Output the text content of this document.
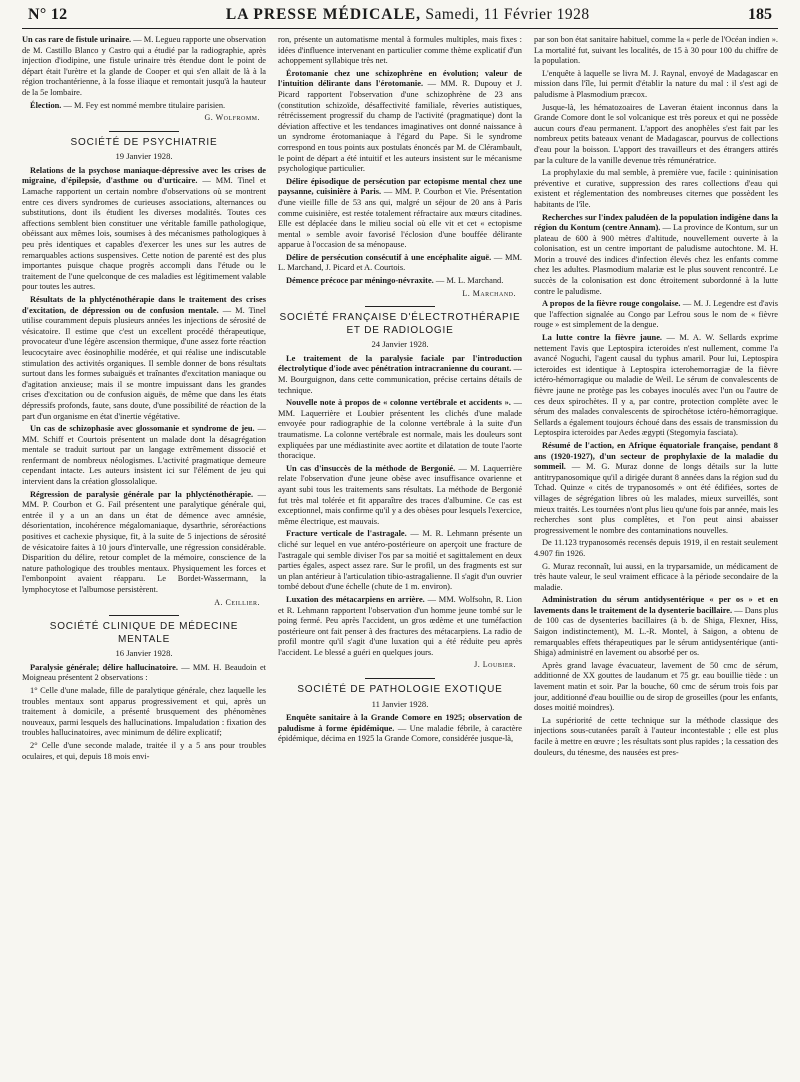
N° 12	LA PRESSE MÉDICALE, Samedi, 11 Février 1928	185

Un cas rare de fistule urinaire. — M. Legueu rapporte une observation de M. Castillo Blanco y Castro qui a étudié par la radiographie, après injection d'iodipine, une fistule urinaire très étendue dont le point de départ était l'urètre et la glande de Cooper et qui s'en allait de là à la région trochantérienne, à la fosse iliaque et remontait jusqu'à la hauteur de la 5e lombaire.

Élection. — M. Fey est nommé membre titulaire parisien.

G. Wolfromm.
SOCIÉTÉ DE PSYCHIATRIE
19 Janvier 1928.

Relations de la psychose maniaque-dépressive avec les crises de migraine, d'épilepsie, d'asthme ou d'urticaire. — MM. Tinel et Lamache rapportent un certain nombre d'observations où se montrent entre ces divers syndromes de curieuses associations, alternances ou substitutions, dont ils étudient les diverses modalités. Toutes ces affections semblent bien constituer une véritable famille pathologique, obéissant aux mêmes lois, soumises à des mécanismes pathologiques à peu près identiques et capables d'exercer les unes sur les autres de remarquables actions suspensives. Cette notion de parenté est des plus importantes puisque chaque progrès accompli dans l'étude ou le traitement de l'une quelconque de ces maladies est légitimement valable pour toutes les autres.

Résultats de la phlycténothérapie dans le traitement des crises d'excitation, de dépression ou de confusion mentale. — M. Tinel utilise couramment depuis plusieurs années les injections de sérosité de vésicatoire. Il estime que c'est un excellent procédé thérapeutique, provocateur d'une légère ascension thermique, d'une assez forte réaction leucocytaire avec éosinophilie modérée, et qui réalise une indiscutable stimulation des activités organiques. Il semble donner de bons résultats surtout dans les formes subaiguës et traînantes d'excitation maniaque ou d'agitation anxieuse; mais il se montre impuissant dans les grandes crises d'excitation ou de confusion aiguës, de même que dans les états dépressifs profonds, faute, sans doute, d'une possibilité de réaction de la part d'un organisme en état d'inertie végétative.

Un cas de schizophasie avec glossomanie et syndrome de jeu. — MM. Schiff et Courtois présentent un malade dont la désagrégation mentale se traduit surtout par un langage extrêmement dissocié et renfermant de nombreux néologismes. L'activité pragmatique demeure cependant intacte. Les auteurs insistent ici sur l'élément de jeu qui intervient dans la création glossolalique.

Régression de paralysie générale par la phlycténothérapie. — MM. P. Courbon et G. Fail présentent une paralytique générale qui, entrée il y a un an dans un état de démence avec amnésie, désorientation, incohérence mégalomaniaque, dysarthrie, séroréactions positives et cachexie physique, fit, à la suite de 5 injections de sérosité de vésicatoire faites à 10 jours d'intervalle, une régression considérable. Disparition du délire, retour complet de la mémoire, conscience de la nature pathologique des troubles mentaux. Physiquement les forces et l'embonpoint avaient réapparu. Le Bordet-Wassermann, la lymphocytose et l'albumose persistèrent.

A. Ceillier.
SOCIÉTÉ CLINIQUE DE MÉDECINE MENTALE
16 Janvier 1928.

Paralysie générale; délire hallucinatoire. — MM. H. Beaudoin et Moigneau présentent 2 observations :

1° Celle d'une malade, fille de paralytique générale, chez laquelle les troubles mentaux sont apparus progressivement et qui, après un traitement à domicile, a présenté brusquement des phénomènes nouveaux, parmi lesquels des hallucinations. Impaludation : fixation des troubles hallucinatoires, avec minimum de délire explicatif;

2° Celle d'une seconde malade, traitée il y a 5 ans pour troubles oculaires, et qui, depuis 18 mois envi-

ron, présente un automatisme mental à formules multiples, mais fixes : idées d'influence intervenant en particulier comme thème explicatif d'un achoppement syllabique très net.

Érotomanie chez une schizophrène en évolution; valeur de l'intuition délirante dans l'érotomanie. — MM. R. Dupouy et J. Picard rapportent l'observation d'une schizophrène de 23 ans (constitution schizoïde, désaffectivité familiale, rêveries autistiques, rétrécissement progressif du champ de l'activité (pragmatique) dont la déviation affective et les tendances imaginatives ont donné naissance à un syndrome érotomaniaque à l'égard du Pape. Si le syndrome correspond en tous points aux postulats énoncés par M. de Clérambault, le point de départ a été intuitif et les auteurs insistent sur le mécanisme psychologique particulier.

Délire épisodique de persécution par ectopisme mental chez une paysanne, cuisinière à Paris. — MM. P. Courbon et Vie. Présentation d'une vieille fille de 53 ans qui, malgré un séjour de 20 ans à Paris comme cuisinière, est restée totalement réfractaire aux mœurs citadines. Elle est déplacée dans le milieu social où elle vit et cet « ectopisme mental » semble avoir favorisé l'éclosion d'une bouffée délirante apparue à l'occasion de sa ménopause.

Délire de persécution consécutif à une encéphalite aiguë. — MM. L. Marchand, J. Picard et A. Courtois.

Démence précoce par méningo-névraxite. — M. L. Marchand.

L. Marchand.
SOCIÉTÉ FRANÇAISE D'ÉLECTROTHÉRAPIE ET DE RADIOLOGIE
24 Janvier 1928.

Le traitement de la paralysie faciale par l'introduction électrolytique d'iode avec pénétration intracranienne du courant. — M. Bourguignon, dans cette communication, précise certains détails de technique.

Nouvelle note à propos de « colonne vertébrale et accidents ». — MM. Laquerrière et Loubier présentent les clichés d'une malade envoyée pour radiographie de la colonne vertébrale à la suite d'un traumatisme. La colonne vertébrale est normale, mais les douleurs sont expliquées par une médiastinite avec aortite et dilatation de toute l'aorte thoracique.

Un cas d'insuccès de la méthode de Bergonié. — M. Laquerrière relate l'observation d'une jeune obèse avec insuffisance ovarienne et ayant subi tous les traitements sans résultats. La méthode de Bergonié fut très mal tolérée et fit apparaître des traces d'albumine. Ce cas est exceptionnel, mais confirme qu'il y a des obèses pour lesquels l'exercice, même électrique, est mauvais.

Fracture verticale de l'astragale. — M. R. Lehmann présente un cliché sur lequel en vue antéro-postérieure on aperçoit une fracture de l'astragale qui semble diviser l'os par sa moitié et sagittalement en deux parties égales, aspect assez rare. Sur le profil, un des fragments est sur un plan antérieur à l'articulation tibio-astragalienne. Il s'agit d'un ouvrier tombé debout d'une échelle (chute de 1 m. environ).

Luxation des métacarpiens en arrière. — MM. Wolfsohn, R. Lion et R. Lehmann rapportent l'observation d'un homme jeune tombé sur le poing fermé. Peu après l'accident, un gros œdème et une tuméfaction postérieure ont fait penser à des fractures des métacarpiens. La radio de profil montre qu'il s'agit d'une luxation qui a été réduite peu après l'accident. Le blessé a guéri en quelques jours.

J. Loubier.
SOCIÉTÉ DE PATHOLOGIE EXOTIQUE
11 Janvier 1928.

Enquête sanitaire à la Grande Comore en 1925; observation de paludisme à forme épidémique. — Une maladie fébrile, à caractère épidémique, décima en 1925 la Grande Comore, considérée jusque-là,

par son bon état sanitaire habituel, comme la « perle de l'Océan indien ». La mortalité fut, suivant les localités, de 15 à 30 pour 100 du chiffre de la population.

L'enquête à laquelle se livra M. J. Raynal, envoyé de Madagascar en mission dans l'île, lui permit d'établir la nature du mal : il s'est agi de paludisme à Plasmodium præcox.

Jusque-là, les hématozoaires de Laveran étaient inconnus dans la Grande Comore dont le sol volcanique est très poreux et qui ne possède aucun cours d'eau permanent. L'apport des anophèles s'est fait par les nombreux petits bateaux venant de Madagascar, pourvus de collections d'eau pour la boisson. L'apport des travailleurs et des étrangers attirés par la culture de la vanille devenue très rémunératrice.

La prophylaxie du mal semble, à première vue, facile : quininisation préventive et curative, suppression des rares collections d'eau qui existent et réglementation des nombreuses citernes que possèdent les habitants de l'île.

Recherches sur l'index paludéen de la population indigène dans la région du Kontum (centre Annam). — La province de Kontum, sur un plateau de 600 à 900 mètres d'altitude, nouvellement ouverte à la colonisation, est un centre important de paludisme autochtone. M. H. Morin a trouvé des indices d'infection élevés chez les enfants comme chez les adultes. Plasmodium malariæ est le plus souvent rencontré. Le succès de la colonisation est donc étroitement subordonné à la lutte contre le paludisme.

A propos de la fièvre rouge congolaise. — M. J. Legendre est d'avis que l'affection signalée au Congo par Lefrou sous le nom de « fièvre rouge » est simplement de la dengue.

La lutte contre la fièvre jaune. — M. A. W. Sellards exprime nettement l'avis que Leptospira icteroides n'est nullement, comme l'a avancé Noguchi, l'agent causal du typhus amaril. Pour lui, Leptospira icteroides est identique à Leptospira icterohemorragiæ de la fièvre ictéro-hémorragique ou maladie de Weil. Le sérum de convalescents de fièvre jaune ne protège pas les cobayes inoculés avec l'un ou l'autre de ces deux spirochètes. Il y a, par contre, protection complète avec le sérum des malades convalescents de spirochétose ictéro-hémorragique. Sellards a également toujours échoué dans des essais de transmission du Leptospira icteroides par Aedes ægypti (Stegomyia fasciata).

Résumé de l'action, en Afrique équatoriale française, pendant 8 ans (1920-1927), d'un secteur de prophylaxie de la maladie du sommeil. — M. G. Muraz donne de longs détails sur la lutte antitrypanosomique qu'il a dirigée durant 8 années dans la région sud du Tchad. Quinze « cités de trypanosomés » ont été édifiées, sortes de villages de ségrégation libres où les malades, mieux surveillés, sont mieux traités. Les tournées n'ont plus lieu qu'une fois par année, mais les recherches sont plus complètes, et l'on peut ainsi abaisser progressivement le nombre des contaminations nouvelles.

De 11.123 trypanosomés recensés depuis 1919, il en restait seulement 4.907 fin 1926.

G. Muraz reconnaît, lui aussi, en la tryparsamide, un médicament de très haute valeur, le seul vraiment efficace à la période secondaire de la maladie.

Administration du sérum antidysentérique « per os » et en lavements dans le traitement de la dysenterie bacillaire. — Dans plus de 100 cas de dysenteries bacillaires (à b. de Shiga, Flexner, Hiss, Saigon indistinctement), M. L.-R. Montel, à Saigon, a obtenu de remarquables effets thérapeutiques par le sérum antidysentérique (anti-Shiga) administré en lavement ou absorbé per os.

Après grand lavage évacuateur, lavement de 50 cmc de sérum, additionné de XX gouttes de laudanum et 75 gr. eau bouillie tiède : un lavement matin et soir. Par la bouche, 60 cmc de sérum trois fois par jour, additionné d'eau bouillie ou de sirop de groseilles (pour les enfants, doses moitié moindres).

La supériorité de cette technique sur la méthode classique des injections sous-cutanées paraît à l'auteur incontestable ; elle est plus facile à mettre en œuvre ; les résultats sont plus rapides ; la cessation des douleurs, du ténesme, des nausées est pres-
